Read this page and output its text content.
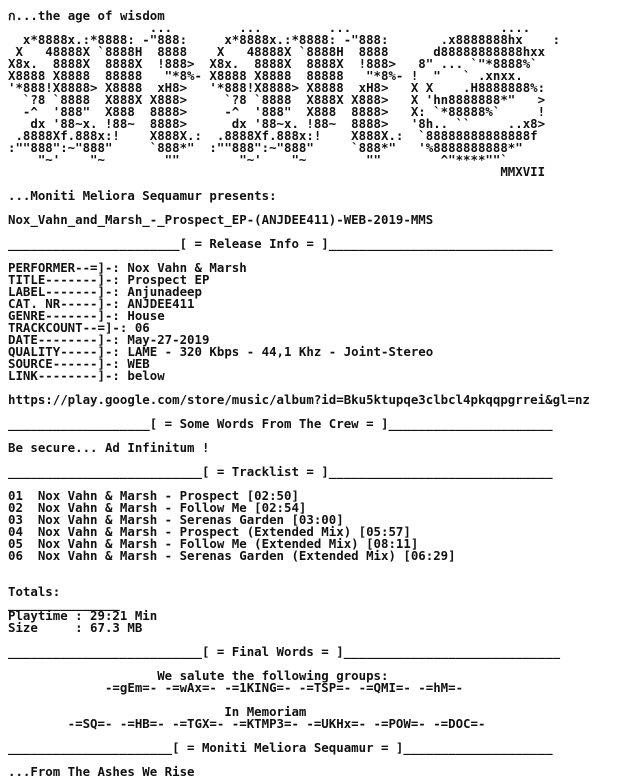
ก...the age of wisdom
...         ...         ...                    ....
x*8888x.:*8888: -"888:     x*8888x.:*8888: -"888:       .x8888888hx    :
X   48888X `8888H  8888    X   48888X `8888H  8888      d88888888888hxx
X8x.  8888X  8888X  !888>  X8x.  8888X  8888X  !888>   8" ... `"*8888%`
X8888 X8888  88888   "*8%- X8888 X8888  88888   "*8%- !  "   ` .xnxx.
'*888!X8888> X8888  xH8>   '*888!X8888> X8888  xH8>   X X    .H8888888%:
`?8 `8888  X888X X888>     `?8 `8888  X888X X888>   X 'hn8888888*"   >
-^  '888"  X888  8888>     -^  '888"  X888  8888>   X: `*88888%`     !
dx '88~x. !88~  8888>      dx '88~x. !88~  8888>   '8h.. ``     ..x8>
.8888Xf.888x:!    X888X.:  .8888Xf.888x:!    X888X.:  `88888888888888f
:""888":~"888"     `888*"  :""888":~"888"     `888*"   '%8888888888*"
"~'    "~        ""        "~'    "~        ""        ^"****""`
MMXVII
...Moniti Meliora Sequamur presents:
Nox_Vahn_and_Marsh_-_Prospect_EP-(ANJDEE411)-WEB-2019-MMS
_______________________[ = Release Info = ]______________________________
PERFORMER--=]-: Nox Vahn & Marsh
TITLE-------]-: Prospect EP
LABEL-------]-: Anjunadeep
CAT. NR-----]-: ANJDEE411
GENRE-------]-: House
TRACKCOUNT--=]-: 06
DATE--------]-: May-27-2019
QUALITY-----]-: LAME - 320 Kbps - 44,1 Khz - Joint-Stereo
SOURCE------]-: WEB
LINK--------]-: below
https://play.google.com/store/music/album?id=Bku5ktupqe3clbcl4pkqqpgrrei&gl=nz
___________________[ = Some Words From The Crew = ]______________________
Be secure... Ad Infinitum !
__________________________[ = Tracklist = ]______________________________
01  Nox Vahn & Marsh - Prospect [02:50]
02  Nox Vahn & Marsh - Follow Me [02:54]
03  Nox Vahn & Marsh - Serenas Garden [03:00]
04  Nox Vahn & Marsh - Prospect (Extended Mix) [05:57]
05  Nox Vahn & Marsh - Follow Me (Extended Mix) [08:11]
06  Nox Vahn & Marsh - Serenas Garden (Extended Mix) [06:29]
Totals:
_______________
Playtime : 29:21 Min
Size     : 67.3 MB
__________________________[ = Final Words = ]_____________________________
We salute the following groups:
-=gEm=- -=wAx=- -=1KING=- -=TSP=- -=QMI=- -=hM=-
In Memoriam
-=SQ=- -=HB=- -=TGX=- -=KTMP3=- -=UKHx=- -=POW=- -=DOC=-
______________________[ = Moniti Meliora Sequamur = ]____________________
...From The Ashes We Rise
